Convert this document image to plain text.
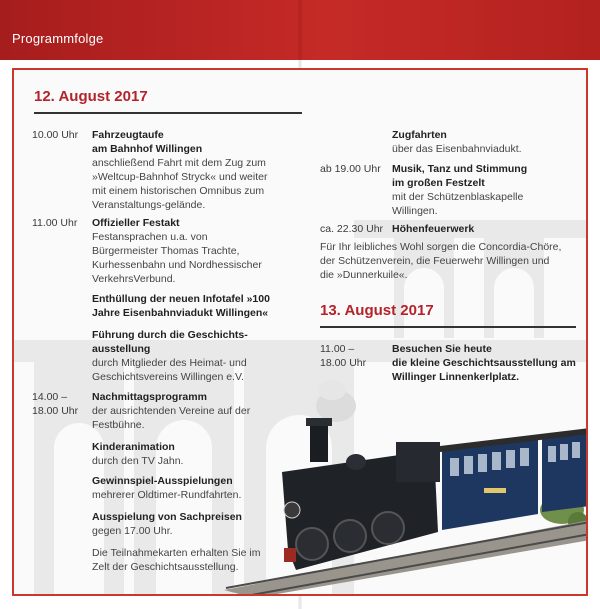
Programmfolge
12. August 2017
10.00 Uhr Fahrzeugtaufe
am Bahnhof Willingen
anschließend Fahrt mit dem Zug zum
»Weltcup-Bahnhof Stryck« und weiter
mit einem historischen Omnibus zum
Veranstaltungs-gelände.
11.00 Uhr Offizieller Festakt
Festansprachen u.a. von
Bürgermeister Thomas Trachte,
Kurhessenbahn und Nordhessischer
VerkehrsVerbund.
Enthüllung der neuen Infotafel »100
Jahre Eisenbahnviadukt Willingen«
Führung durch die Geschichts-
ausstellung
durch Mitglieder des Heimat- und
Geschichtsvereins Willingen e.V.
14.00 –
18.00 Uhr
Nachmittagsprogramm
der ausrichtenden Vereine auf der
Festbühne.
Kinderanimation
durch den TV Jahn.
Gewinnspiel-Ausspielungen
mehrerer Oldtimer-Rundfahrten.
Ausspielung von Sachpreisen
gegen 17.00 Uhr.
Die Teilnahmekarten erhalten Sie im
Zelt der Geschichtsausstellung.
Zugfahrten
über das Eisenbahnviadukt.
ab 19.00 Uhr Musik, Tanz und Stimmung
im großen Festzelt
mit der Schützenblaskapelle
Willingen.
ca. 22.30 Uhr Höhenfeuerwerk
Für Ihr leibliches Wohl sorgen die Concordia-Chöre,
der Schützenverein, die Feuerwehr Willingen und
die »Dunnerkuile«.
13. August 2017
11.00 –
18.00 Uhr
Besuchen Sie heute
die kleine Geschichtsausstellung am
Willinger Linnenkerlplatz.
